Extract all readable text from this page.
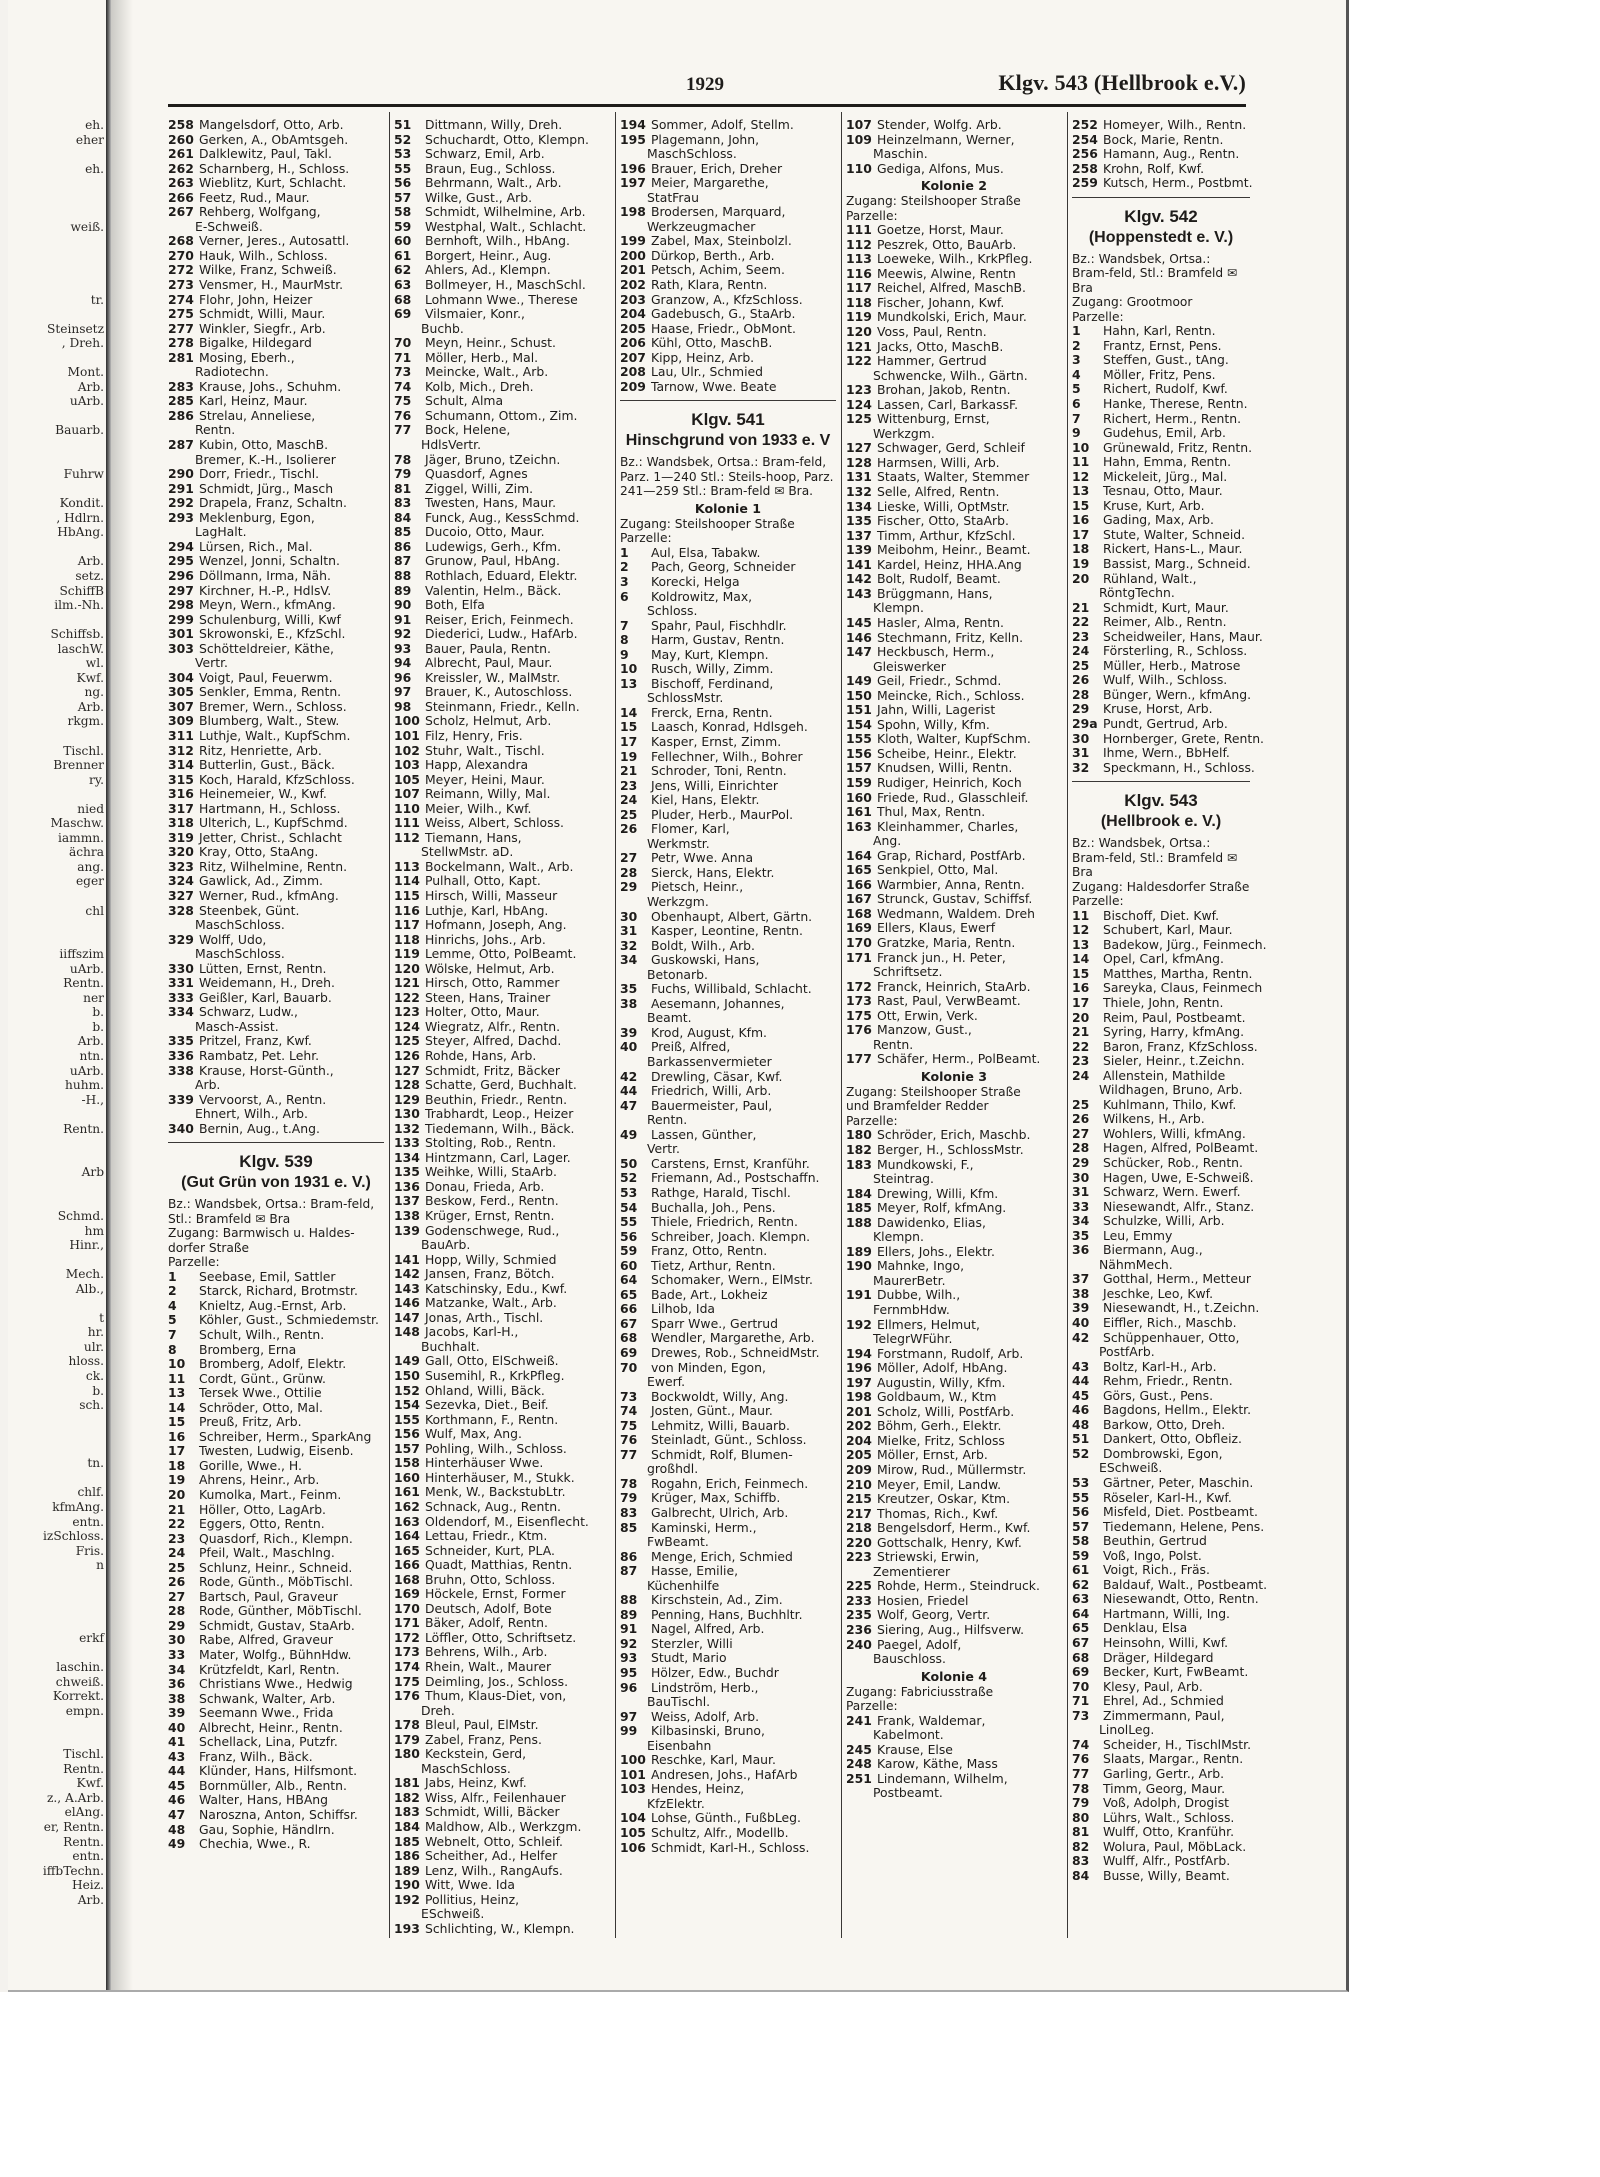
eh.
eher
eh.
weiß.
tr.
Steinsetz
, Dreh.
Mont.
Arb.
uArb.
Bauarb.
Fuhrw
Kondit.
, Hdlrn.
HbAng.
Arb.
setz.
SchiffB
ilm.-Nh.
Schiffsb.
laschW.
wl.
Kwf.
ng.
Arb.
rkgm.
Tischl.
Brenner
ry.
nied
Maschw.
iammn.
ächra
ang.
eger
chl
iiffszim
uArb.
Rentn.
ner
b.
b.
Arb.
ntn.
uArb.
huhm.
-H.,
Rentn.
Arb
Schmd.
hm
Hinr.,
Mech.
Alb.,
t
hr.
ulr.
hloss.
ck.
b.
sch.
tn.
chlf.
kfmAng.
entn.
izSchloss.
Fris.
n
erkf
laschin.
chweiß.
Korrekt.
empn.
Tischl.
Rentn.
Kwf.
z., A.Arb.
elAng.
er, Rentn.
Rentn.
entn.
iffbTechn.
Heiz.
Arb.
1929	Klgv. 543 (Hellbrook e.V.)
258 Mangelsdorf, Otto, Arb.
260 Gerken, A., ObAmtsgeh.
261 Dalklewitz, Paul, Takl.
262 Scharnberg, H., Schloss.
263 Wieblitz, Kurt, Schlacht.
266 Feetz, Rud., Maur.
267 Rehberg, Wolfgang,
E-Schweiß.
268 Verner, Jeres., Autosattl.
270 Hauk, Wilh., Schloss.
272 Wilke, Franz, Schweiß.
273 Vensmer, H., MaurMstr.
274 Flohr, John, Heizer
275 Schmidt, Willi, Maur.
277 Winkler, Siegfr., Arb.
278 Bigalke, Hildegard
281 Mosing, Eberh.,
Radiotechn.
283 Krause, Johs., Schuhm.
285 Karl, Heinz, Maur.
286 Strelau, Anneliese,
Rentn.
287 Kubin, Otto, MaschB.
Bremer, K.-H., Isolierer
290 Dorr, Friedr., Tischl.
291 Schmidt, Jürg., Masch
292 Drapela, Franz, Schaltn.
293 Meklenburg, Egon,
LagHalt.
294 Lürsen, Rich., Mal.
295 Wenzel, Jonni, Schaltn.
296 Döllmann, Irma, Näh.
297 Kirchner, H.-P., HdlsV.
298 Meyn, Wern., kfmAng.
299 Schulenburg, Willi, Kwf
301 Skrowonski, E., KfzSchl.
303 Schötteldreier, Käthe,
Vertr.
304 Voigt, Paul, Feuerwm.
305 Senkler, Emma, Rentn.
307 Bremer, Wern., Schloss.
309 Blumberg, Walt., Stew.
311 Luthje, Walt., KupfSchm.
312 Ritz, Henriette, Arb.
314 Butterlin, Gust., Bäck.
315 Koch, Harald, KfzSchloss.
316 Heinemeier, W., Kwf.
317 Hartmann, H., Schloss.
318 Ulterich, L., KupfSchmd.
319 Jetter, Christ., Schlacht
320 Kray, Otto, StaAng.
323 Ritz, Wilhelmine, Rentn.
324 Gawlick, Ad., Zimm.
327 Werner, Rud., kfmAng.
328 Steenbek, Günt.
MaschSchloss.
329 Wolff, Udo,
MaschSchloss.
330 Lütten, Ernst, Rentn.
331 Weidemann, H., Dreh.
333 Geißler, Karl, Bauarb.
334 Schwarz, Ludw.,
Masch-Assist.
335 Pritzel, Franz, Kwf.
336 Rambatz, Pet. Lehr.
338 Krause, Horst-Günth.,
Arb.
339 Vervoorst, A., Rentn.
Ehnert, Wilh., Arb.
340 Bernin, Aug., t.Ang.
Klgv. 539
(Gut Grün von 1931 e. V.)
Bz.: Wandsbek, Ortsa.: Bram-feld, Stl.: Bramfeld ✉ Bra
Zugang: Barmwisch u. Haldes-dorfer Straße
Parzelle:
1 Seebase, Emil, Sattler
2 Starck, Richard, Brotmstr.
4 Knieltz, Aug.-Ernst, Arb.
5 Köhler, Gust., Schmiedemstr.
7 Schult, Wilh., Rentn.
8 Bromberg, Erna
10 Bromberg, Adolf, Elektr.
11 Cordt, Günt., Grünw.
13 Tersek Wwe., Ottilie
14 Schröder, Otto, Mal.
15 Preuß, Fritz, Arb.
16 Schreiber, Herm., SparkAng
17 Twesten, Ludwig, Eisenb.
18 Gorille, Wwe., H.
19 Ahrens, Heinr., Arb.
20 Kumolka, Mart., Feinm.
21 Höller, Otto, LagArb.
22 Eggers, Otto, Rentn.
23 Quasdorf, Rich., Klempn.
24 Pfeil, Walt., Maschlng.
25 Schlunz, Heinr., Schneid.
26 Rode, Günth., MöbTischl.
27 Bartsch, Paul, Graveur
28 Rode, Günther, MöbTischl.
29 Schmidt, Gustav, StaArb.
30 Rabe, Alfred, Graveur
33 Mater, Wolfg., BühnHdw.
34 Krützfeldt, Karl, Rentn.
36 Christians Wwe., Hedwig
38 Schwank, Walter, Arb.
39 Seemann Wwe., Frida
40 Albrecht, Heinr., Rentn.
41 Schellack, Lina, Putzfr.
43 Franz, Wilh., Bäck.
44 Klünder, Hans, Hilfsmont.
45 Bornmüller, Alb., Rentn.
46 Walter, Hans, HBAng
47 Naroszna, Anton, Schiffsr.
48 Gau, Sophie, Händlrn.
49 Chechia, Wwe., R.
51 Dittmann, Willy, Dreh.
52 Schuchardt, Otto, Klempn.
53 Schwarz, Emil, Arb.
55 Braun, Eug., Schloss.
56 Behrmann, Walt., Arb.
57 Wilke, Gust., Arb.
58 Schmidt, Wilhelmine, Arb.
59 Westphal, Walt., Schlacht.
60 Bernhoft, Wilh., HbAng.
61 Borgert, Heinr., Aug.
62 Ahlers, Ad., Klempn.
63 Bollmeyer, H., MaschSchl.
68 Lohmann Wwe., Therese
69 Vilsmaier, Konr.,
Buchb.
70 Meyn, Heinr., Schust.
71 Möller, Herb., Mal.
73 Meincke, Walt., Arb.
74 Kolb, Mich., Dreh.
75 Schult, Alma
76 Schumann, Ottom., Zim.
77 Bock, Helene,
HdlsVertr.
78 Jäger, Bruno, tZeichn.
79 Quasdorf, Agnes
81 Ziggel, Willi, Zim.
83 Twesten, Hans, Maur.
84 Funck, Aug., KessSchmd.
85 Ducoio, Otto, Maur.
86 Ludewigs, Gerh., Kfm.
87 Grunow, Paul, HbAng.
88 Rothlach, Eduard, Elektr.
89 Valentin, Helm., Bäck.
90 Both, Elfa
91 Reiser, Erich, Feinmech.
92 Diederici, Ludw., HafArb.
93 Bauer, Paula, Rentn.
94 Albrecht, Paul, Maur.
96 Kreissler, W., MalMstr.
97 Brauer, K., Autoschloss.
98 Steinmann, Friedr., Kelln.
100 Scholz, Helmut, Arb.
101 Filz, Henry, Fris.
102 Stuhr, Walt., Tischl.
103 Happ, Alexandra
105 Meyer, Heini, Maur.
107 Reimann, Willy, Mal.
110 Meier, Wilh., Kwf.
111 Weiss, Albert, Schloss.
112 Tiemann, Hans,
StellwMstr. aD.
113 Bockelmann, Walt., Arb.
114 Pulhall, Otto, Kapt.
115 Hirsch, Willi, Masseur
116 Luthje, Karl, HbAng.
117 Hofmann, Joseph, Ang.
118 Hinrichs, Johs., Arb.
119 Lemme, Otto, PolBeamt.
120 Wölske, Helmut, Arb.
121 Hirsch, Otto, Rammer
122 Steen, Hans, Trainer
123 Holter, Otto, Maur.
124 Wiegratz, Alfr., Rentn.
125 Steyer, Alfred, Dachd.
126 Rohde, Hans, Arb.
127 Schmidt, Fritz, Bäcker
128 Schatte, Gerd, Buchhalt.
129 Beuthin, Friedr., Rentn.
130 Trabhardt, Leop., Heizer
132 Tiedemann, Wilh., Bäck.
133 Stolting, Rob., Rentn.
134 Hintzmann, Carl, Lager.
135 Weihke, Willi, StaArb.
136 Donau, Frieda, Arb.
137 Beskow, Ferd., Rentn.
138 Krüger, Ernst, Rentn.
139 Godenschwege, Rud.,
BauArb.
141 Hopp, Willy, Schmied
142 Jansen, Franz, Bötch.
143 Katschinsky, Edu., Kwf.
146 Matzanke, Walt., Arb.
147 Jonas, Arth., Tischl.
148 Jacobs, Karl-H.,
Buchhalt.
149 Gall, Otto, ElSchweiß.
150 Susemihl, R., KrkPfleg.
152 Ohland, Willi, Bäck.
154 Sezevka, Diet., Beif.
155 Korthmann, F., Rentn.
156 Wulf, Max, Ang.
157 Pohling, Wilh., Schloss.
158 Hinterhäuser Wwe.
160 Hinterhäuser, M., Stukk.
161 Menk, W., BackstubLtr.
162 Schnack, Aug., Rentn.
163 Oldendorf, M., Eisenflecht.
164 Lettau, Friedr., Ktm.
165 Schneider, Kurt, PLA.
166 Quadt, Matthias, Rentn.
168 Bruhn, Otto, Schloss.
169 Höckele, Ernst, Former
170 Deutsch, Adolf, Bote
171 Bäker, Adolf, Rentn.
172 Löffler, Otto, Schriftsetz.
173 Behrens, Wilh., Arb.
174 Rhein, Walt., Maurer
175 Deimling, Jos., Schloss.
176 Thum, Klaus-Diet, von,
Dreh.
178 Bleul, Paul, ElMstr.
179 Zabel, Franz, Pens.
180 Keckstein, Gerd,
MaschSchloss.
181 Jabs, Heinz, Kwf.
182 Wiss, Alfr., Feilenhauer
183 Schmidt, Willi, Bäcker
184 Maldhow, Alb., Werkzgm.
185 Webnelt, Otto, Schleif.
186 Scheither, Ad., Helfer
189 Lenz, Wilh., RangAufs.
190 Witt, Wwe. Ida
192 Pollitius, Heinz,
ESchweiß.
193 Schlichting, W., Klempn.
194 Sommer, Adolf, Stellm.
195 Plagemann, John,
MaschSchloss.
196 Brauer, Erich, Dreher
197 Meier, Margarethe,
StatFrau
198 Brodersen, Marquard,
Werkzeugmacher
199 Zabel, Max, Steinbolzl.
200 Dürkop, Berth., Arb.
201 Petsch, Achim, Seem.
202 Rath, Klara, Rentn.
203 Granzow, A., KfzSchloss.
204 Gadebusch, G., StaArb.
205 Haase, Friedr., ObMont.
206 Kühl, Otto, MaschB.
207 Kipp, Heinz, Arb.
208 Lau, Ulr., Schmied
209 Tarnow, Wwe. Beate
Klgv. 541
Hinschgrund von 1933 e. V
Bz.: Wandsbek, Ortsa.: Bram-feld, Parz. 1—240 Stl.: Steils-hoop, Parz. 241—259 Stl.: Bram-feld ✉ Bra.
Kolonie 1
Zugang: Steilshooper Straße
Parzelle:
1 Aul, Elsa, Tabakw.
2 Pach, Georg, Schneider
3 Korecki, Helga
6 Koldrowitz, Max,
Schloss.
7 Spahr, Paul, Fischhdlr.
8 Harm, Gustav, Rentn.
9 May, Kurt, Klempn.
10 Rusch, Willy, Zimm.
13 Bischoff, Ferdinand,
SchlossMstr.
14 Frerck, Erna, Rentn.
15 Laasch, Konrad, Hdlsgeh.
17 Kasper, Ernst, Zimm.
19 Fellechner, Wilh., Bohrer
21 Schroder, Toni, Rentn.
23 Jens, Willi, Einrichter
24 Kiel, Hans, Elektr.
25 Pluder, Herb., MaurPol.
26 Flomer, Karl,
Werkmstr.
27 Petr, Wwe. Anna
28 Sierck, Hans, Elektr.
29 Pietsch, Heinr.,
Werkzgm.
30 Obenhaupt, Albert, Gärtn.
31 Kasper, Leontine, Rentn.
32 Boldt, Wilh., Arb.
34 Guskowski, Hans,
Betonarb.
35 Fuchs, Willibald, Schlacht.
38 Aesemann, Johannes,
Beamt.
39 Krod, August, Kfm.
40 Preiß, Alfred,
Barkassenvermieter
42 Drewling, Cäsar, Kwf.
44 Friedrich, Willi, Arb.
47 Bauermeister, Paul,
Rentn.
49 Lassen, Günther,
Vertr.
50 Carstens, Ernst, Kranführ.
52 Friemann, Ad., Postschaffn.
53 Rathge, Harald, Tischl.
54 Buchalla, Joh., Pens.
55 Thiele, Friedrich, Rentn.
56 Schreiber, Joach. Klempn.
59 Franz, Otto, Rentn.
60 Tietz, Arthur, Rentn.
64 Schomaker, Wern., ElMstr.
65 Bade, Art., Lokheiz
66 Lilhob, Ida
67 Sparr Wwe., Gertrud
68 Wendler, Margarethe, Arb.
69 Drewes, Rob., SchneidMstr.
70 von Minden, Egon,
Ewerf.
73 Bockwoldt, Willy, Ang.
74 Josten, Günt., Maur.
75 Lehmitz, Willi, Bauarb.
76 Steinladt, Günt., Schloss.
77 Schmidt, Rolf, Blumen-
großhdl.
78 Rogahn, Erich, Feinmech.
79 Krüger, Max, Schiffb.
83 Galbrecht, Ulrich, Arb.
85 Kaminski, Herm.,
FwBeamt.
86 Menge, Erich, Schmied
87 Hasse, Emilie,
Küchenhilfe
88 Kirschstein, Ad., Zim.
89 Penning, Hans, Buchhltr.
91 Nagel, Alfred, Arb.
92 Sterzler, Willi
93 Studt, Mario
95 Hölzer, Edw., Buchdr
96 Lindström, Herb.,
BauTischl.
97 Weiss, Adolf, Arb.
99 Kilbasinski, Bruno,
Eisenbahn
100 Reschke, Karl, Maur.
101 Andresen, Johs., HafArb
103 Hendes, Heinz,
KfzElektr.
104 Lohse, Günth., FußbLeg.
105 Schultz, Alfr., Modellb.
106 Schmidt, Karl-H., Schloss.
107 Stender, Wolfg. Arb.
109 Heinzelmann, Werner,
Maschin.
110 Gediga, Alfons, Mus.
Kolonie 2
Zugang: Steilshooper Straße
Parzelle:
111 Goetze, Horst, Maur.
112 Peszrek, Otto, BauArb.
113 Loeweke, Wilh., KrkPfleg.
116 Meewis, Alwine, Rentn
117 Reichel, Alfred, MaschB.
118 Fischer, Johann, Kwf.
119 Mundkolski, Erich, Maur.
120 Voss, Paul, Rentn.
121 Jacks, Otto, MaschB.
122 Hammer, Gertrud
Schwencke, Wilh., Gärtn.
123 Brohan, Jakob, Rentn.
124 Lassen, Carl, BarkassF.
125 Wittenburg, Ernst,
Werkzgm.
127 Schwager, Gerd, Schleif
128 Harmsen, Willi, Arb.
131 Staats, Walter, Stemmer
132 Selle, Alfred, Rentn.
134 Lieske, Willi, OptMstr.
135 Fischer, Otto, StaArb.
137 Timm, Arthur, KfzSchl.
139 Meibohm, Heinr., Beamt.
141 Kardel, Heinz, HHA.Ang
142 Bolt, Rudolf, Beamt.
143 Brüggmann, Hans,
Klempn.
145 Hasler, Alma, Rentn.
146 Stechmann, Fritz, Kelln.
147 Heckbusch, Herm.,
Gleiswerker
149 Geil, Friedr., Schmd.
150 Meincke, Rich., Schloss.
151 Jahn, Willi, Lagerist
154 Spohn, Willy, Kfm.
155 Kloth, Walter, KupfSchm.
156 Scheibe, Heinr., Elektr.
157 Knudsen, Willi, Rentn.
159 Rudiger, Heinrich, Koch
160 Friede, Rud., Glasschleif.
161 Thul, Max, Rentn.
163 Kleinhammer, Charles,
Ang.
164 Grap, Richard, PostfArb.
165 Senkpiel, Otto, Mal.
166 Warmbier, Anna, Rentn.
167 Strunck, Gustav, Schiffsf.
168 Wedmann, Waldem. Dreh
169 Ellers, Klaus, Ewerf
170 Gratzke, Maria, Rentn.
171 Franck jun., H. Peter,
Schriftsetz.
172 Franck, Heinrich, StaArb.
173 Rast, Paul, VerwBeamt.
175 Ott, Erwin, Verk.
176 Manzow, Gust.,
Rentn.
177 Schäfer, Herm., PolBeamt.
Kolonie 3
Zugang: Steilshooper Straße
und Bramfelder Redder
Parzelle:
180 Schröder, Erich, Maschb.
182 Berger, H., SchlossMstr.
183 Mundkowski, F.,
Steintrag.
184 Drewing, Willi, Kfm.
185 Meyer, Rolf, kfmAng.
188 Dawidenko, Elias,
Klempn.
189 Ellers, Johs., Elektr.
190 Mahnke, Ingo,
MaurerBetr.
191 Dubbe, Wilh.,
FernmbHdw.
192 Ellmers, Helmut,
TelegrWFühr.
194 Forstmann, Rudolf, Arb.
196 Möller, Adolf, HbAng.
197 Augustin, Willy, Kfm.
198 Goldbaum, W., Ktm
201 Scholz, Willi, PostfArb.
202 Böhm, Gerh., Elektr.
204 Mielke, Fritz, Schloss
205 Möller, Ernst, Arb.
209 Mirow, Rud., Müllermstr.
210 Meyer, Emil, Landw.
215 Kreutzer, Oskar, Ktm.
217 Thomas, Rich., Kwf.
218 Bengelsdorf, Herm., Kwf.
220 Gottschalk, Henry, Kwf.
223 Striewski, Erwin,
Zementierer
225 Rohde, Herm., Steindruck.
233 Hosien, Friedel
235 Wolf, Georg, Vertr.
236 Siering, Aug., Hilfsverw.
240 Paegel, Adolf,
Bauschloss.
Kolonie 4
Zugang: Fabriciusstraße
Parzelle:
241 Frank, Waldemar,
Kabelmont.
245 Krause, Else
248 Karow, Käthe, Mass
251 Lindemann, Wilhelm,
Postbeamt.
252 Homeyer, Wilh., Rentn.
254 Bock, Marie, Rentn.
256 Hamann, Aug., Rentn.
258 Krohn, Rolf, Kwf.
259 Kutsch, Herm., Postbmt.
Klgv. 542
(Hoppenstedt e. V.)
Bz.: Wandsbek, Ortsa.: Bram-feld, Stl.: Bramfeld ✉ Bra
Zugang: Grootmoor
Parzelle:
1 Hahn, Karl, Rentn.
2 Frantz, Ernst, Pens.
3 Steffen, Gust., tAng.
4 Möller, Fritz, Pens.
5 Richert, Rudolf, Kwf.
6 Hanke, Therese, Rentn.
7 Richert, Herm., Rentn.
9 Gudehus, Emil, Arb.
10 Grünewald, Fritz, Rentn.
11 Hahn, Emma, Rentn.
12 Mickeleit, Jürg., Mal.
13 Tesnau, Otto, Maur.
15 Kruse, Kurt, Arb.
16 Gading, Max, Arb.
17 Stute, Walter, Schneid.
18 Rickert, Hans-L., Maur.
19 Bassist, Marg., Schneid.
20 Rühland, Walt.,
RöntgTechn.
21 Schmidt, Kurt, Maur.
22 Reimer, Alb., Rentn.
23 Scheidweiler, Hans, Maur.
24 Försterling, R., Schloss.
25 Müller, Herb., Matrose
26 Wulf, Wilh., Schloss.
28 Bünger, Wern., kfmAng.
29 Kruse, Horst, Arb.
29a Pundt, Gertrud, Arb.
30 Hornberger, Grete, Rentn.
31 Ihme, Wern., BbHelf.
32 Speckmann, H., Schloss.
Klgv. 543
(Hellbrook e. V.)
Bz.: Wandsbek, Ortsa.: Bram-feld, Stl.: Bramfeld ✉ Bra
Zugang: Haldesdorfer Straße
Parzelle:
11 Bischoff, Diet. Kwf.
12 Schubert, Karl, Maur.
13 Badekow, Jürg., Feinmech.
14 Opel, Carl, kfmAng.
15 Matthes, Martha, Rentn.
16 Sareyka, Claus, Feinmech
17 Thiele, John, Rentn.
20 Reim, Paul, Postbeamt.
21 Syring, Harry, kfmAng.
22 Baron, Franz, KfzSchloss.
23 Sieler, Heinr., t.Zeichn.
24 Allenstein, Mathilde
Wildhagen, Bruno, Arb.
25 Kuhlmann, Thilo, Kwf.
26 Wilkens, H., Arb.
27 Wohlers, Willi, kfmAng.
28 Hagen, Alfred, PolBeamt.
29 Schücker, Rob., Rentn.
30 Hagen, Uwe, E-Schweiß.
31 Schwarz, Wern. Ewerf.
33 Niesewandt, Alfr., Stanz.
34 Schulzke, Willi, Arb.
35 Leu, Emmy
36 Biermann, Aug.,
NähmMech.
37 Gotthal, Herm., Metteur
38 Jeschke, Leo, Kwf.
39 Niesewandt, H., t.Zeichn.
40 Eiffler, Rich., Maschb.
42 Schüppenhauer, Otto,
PostfArb.
43 Boltz, Karl-H., Arb.
44 Rehm, Friedr., Rentn.
45 Görs, Gust., Pens.
46 Bagdons, Hellm., Elektr.
48 Barkow, Otto, Dreh.
51 Dankert, Otto, Obfleiz.
52 Dombrowski, Egon,
ESchweiß.
53 Gärtner, Peter, Maschin.
55 Röseler, Karl-H., Kwf.
56 Misfeld, Diet. Postbeamt.
57 Tiedemann, Helene, Pens.
58 Beuthin, Gertrud
59 Voß, Ingo, Polst.
61 Voigt, Rich., Fräs.
62 Baldauf, Walt., Postbeamt.
63 Niesewandt, Otto, Rentn.
64 Hartmann, Willi, Ing.
65 Denklau, Elsa
67 Heinsohn, Willi, Kwf.
68 Dräger, Hildegard
69 Becker, Kurt, FwBeamt.
70 Klesy, Paul, Arb.
71 Ehrel, Ad., Schmied
73 Zimmermann, Paul,
LinolLeg.
74 Scheider, H., TischlMstr.
76 Slaats, Margar., Rentn.
77 Garling, Gertr., Arb.
78 Timm, Georg, Maur.
79 Voß, Adolph, Drogist
80 Lührs, Walt., Schloss.
81 Wulff, Otto, Kranführ.
82 Wolura, Paul, MöbLack.
83 Wulff, Alfr., PostfArb.
84 Busse, Willy, Beamt.
